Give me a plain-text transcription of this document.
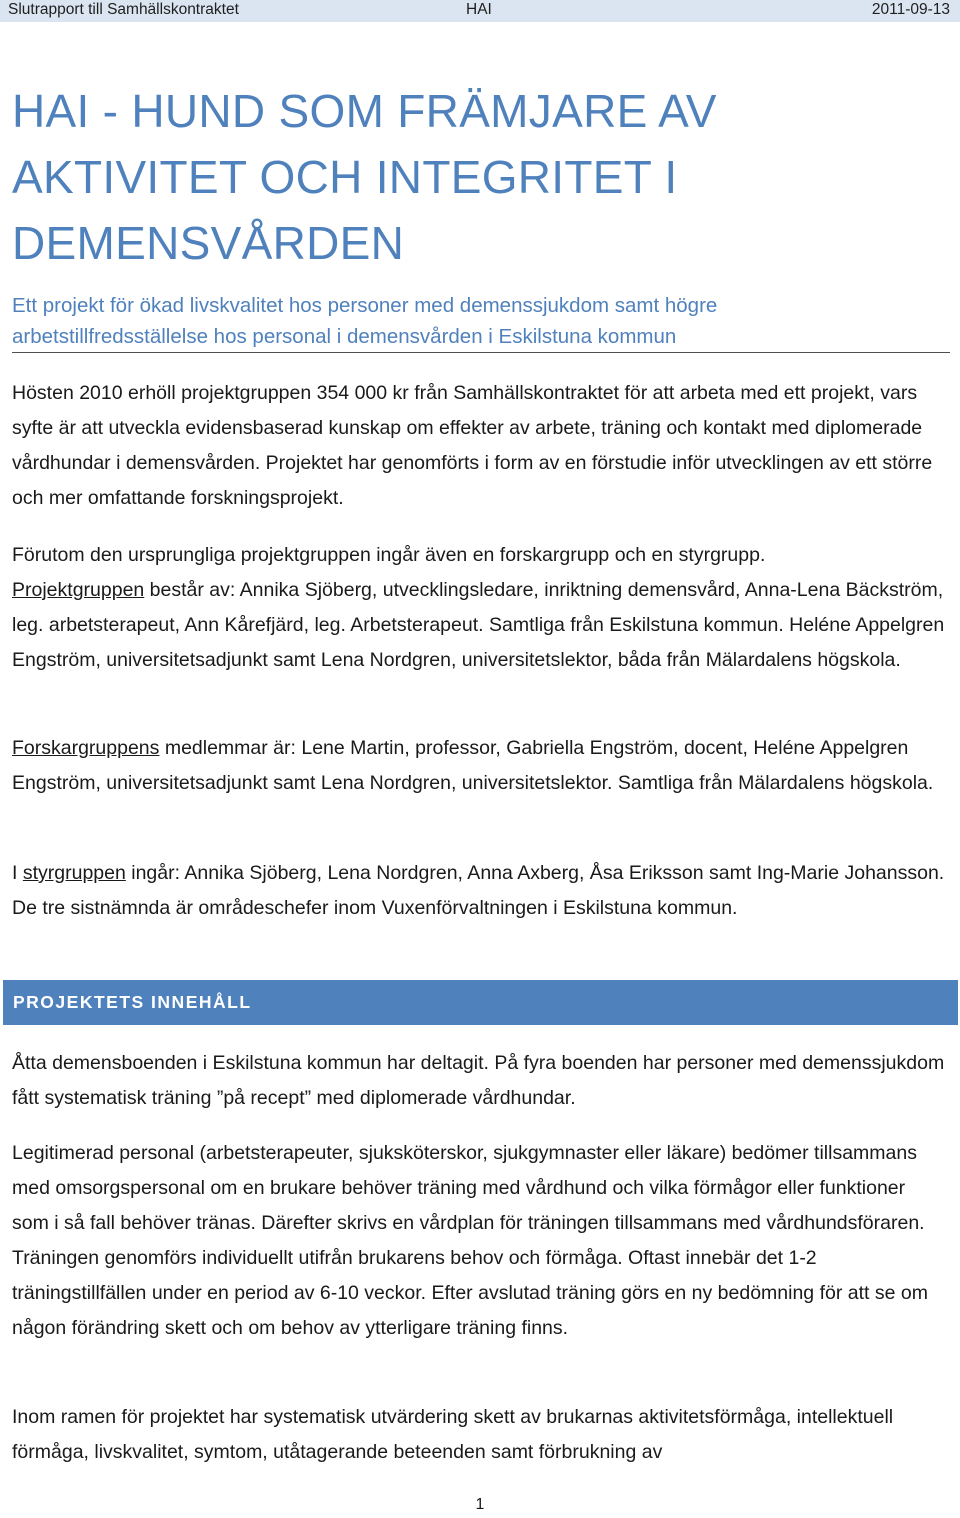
Slutrapport till Samhällskontraktet	HAI	2011-09-13
HAI - HUND SOM FRÄMJARE AV
AKTIVITET OCH INTEGRITET I
DEMENSVÅRDEN
Ett projekt för ökad livskvalitet hos personer med demenssjukdom samt högre
arbetstillfredsställelse hos personal i demensvården i Eskilstuna kommun
Hösten 2010 erhöll projektgruppen 354 000 kr från Samhällskontraktet för att arbeta med ett projekt, vars syfte är att utveckla evidensbaserad kunskap om effekter av arbete, träning och kontakt med diplomerade vårdhundar i demensvården. Projektet har genomförts i form av en förstudie inför utvecklingen av ett större och mer omfattande forskningsprojekt.
Förutom den ursprungliga projektgruppen ingår även en forskargrupp och en styrgrupp.
Projektgruppen består av: Annika Sjöberg, utvecklingsledare, inriktning demensvård, Anna-Lena Bäckström, leg. arbetsterapeut, Ann Kårefjärd, leg. Arbetsterapeut. Samtliga från Eskilstuna kommun. Heléne Appelgren Engström, universitetsadjunkt samt Lena Nordgren, universitetslektor, båda från Mälardalens högskola.
Forskargruppens medlemmar är: Lene Martin, professor, Gabriella Engström, docent, Heléne Appelgren Engström, universitetsadjunkt samt Lena Nordgren, universitetslektor. Samtliga från Mälardalens högskola.
I styrgruppen ingår: Annika Sjöberg, Lena Nordgren, Anna Axberg, Åsa Eriksson samt Ing-Marie Johansson. De tre sistnämnda är områdeschefer inom Vuxenförvaltningen i Eskilstuna kommun.
PROJEKTETS INNEHÅLL
Åtta demensboenden i Eskilstuna kommun har deltagit. På fyra boenden har personer med demenssjukdom fått systematisk träning ”på recept” med diplomerade vårdhundar.
Legitimerad personal (arbetsterapeuter, sjuksköterskor, sjukgymnaster eller läkare) bedömer tillsammans med omsorgspersonal om en brukare behöver träning med vårdhund och vilka förmågor eller funktioner som i så fall behöver tränas. Därefter skrivs en vårdplan för träningen tillsammans med vårdhundsföraren. Träningen genomförs individuellt utifrån brukarens behov och förmåga. Oftast innebär det 1-2 träningstillfällen under en period av 6-10 veckor. Efter avslutad träning görs en ny bedömning för att se om någon förändring skett och om behov av ytterligare träning finns.
Inom ramen för projektet har systematisk utvärdering skett av brukarnas aktivitetsförmåga, intellektuell förmåga, livskvalitet, symtom, utåtagerande beteenden samt förbrukning av
1
